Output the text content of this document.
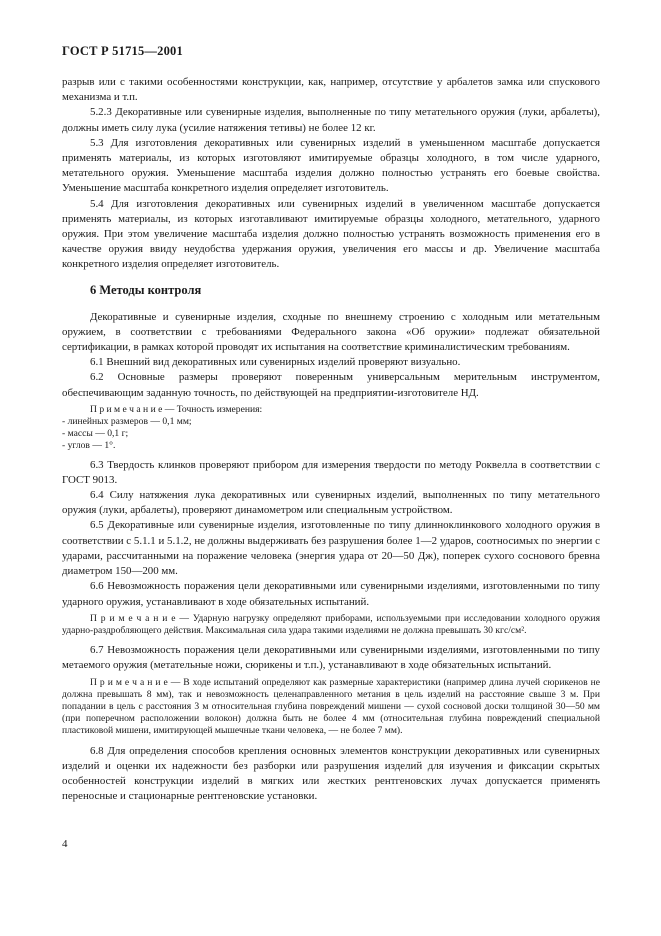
ГОСТ Р 51715—2001

разрыв или с такими особенностями конструкции, как, например, отсутствие у арбалетов замка или спускового механизма и т.п.

5.2.3 Декоративные или сувенирные изделия, выполненные по типу метательного оружия (луки, арбалеты), должны иметь силу лука (усилие натяжения тетивы) не более 12 кг.

5.3 Для изготовления декоративных или сувенирных изделий в уменьшенном масштабе допускается применять материалы, из которых изготовляют имитируемые образцы холодного, в том числе ударного, метательного оружия. Уменьшение масштаба изделия должно полностью устранять его боевые свойства. Уменьшение масштаба конкретного изделия определяет изготовитель.

5.4 Для изготовления декоративных или сувенирных изделий в увеличенном масштабе допускается применять материалы, из которых изготавливают имитируемые образцы холодного, метательного, ударного оружия. При этом увеличение масштаба изделия должно полностью устранять возможность применения его в качестве оружия ввиду неудобства удержания оружия, увеличения его массы и др. Увеличение масштаба конкретного изделия определяет изготовитель.

6 Методы контроля

Декоративные и сувенирные изделия, сходные по внешнему строению с холодным или метательным оружием, в соответствии с требованиями Федерального закона «Об оружии» подлежат обязательной сертификации, в рамках которой проводят их испытания на соответствие криминалистическим требованиям.

6.1 Внешний вид декоративных или сувенирных изделий проверяют визуально.

6.2 Основные размеры проверяют поверенным универсальным мерительным инструментом, обеспечивающим заданную точность, по действующей на предприятии-изготовителе НД.

П р и м е ч а н и е — Точность измерения:
- линейных размеров — 0,1 мм;
- массы — 0,1 г;
- углов — 1°.

6.3 Твердость клинков проверяют прибором для измерения твердости по методу Роквелла в соответствии с ГОСТ 9013.

6.4 Силу натяжения лука декоративных или сувенирных изделий, выполненных по типу метательного оружия (луки, арбалеты), проверяют динамометром или специальным устройством.

6.5 Декоративные или сувенирные изделия, изготовленные по типу длинноклинкового холодного оружия в соответствии с 5.1.1 и 5.1.2, не должны выдерживать без разрушения более 1—2 ударов, соотносимых по энергии с ударами, рассчитанными на поражение человека (энергия удара от 20—50 Дж), поперек сухого соснового бревна диаметром 150—200 мм.

6.6 Невозможность поражения цели декоративными или сувенирными изделиями, изготовленными по типу ударного оружия, устанавливают в ходе обязательных испытаний.

П р и м е ч а н и е — Ударную нагрузку определяют приборами, используемыми при исследовании холодного оружия ударно-раздробляющего действия. Максимальная сила удара такими изделиями не должна превышать 30 кгс/см².

6.7 Невозможность поражения цели декоративными или сувенирными изделиями, изготовленными по типу метаемого оружия (метательные ножи, сюрикены и т.п.), устанавливают в ходе обязательных испытаний.

П р и м е ч а н и е — В ходе испытаний определяют как размерные характеристики (например длина лучей сюрикенов не должна превышать 8 мм), так и невозможность целенаправленного метания в цель изделий на расстояние свыше 3 м. При попадании в цель с расстояния 3 м относительная глубина повреждений мишени — сухой сосновой доски толщиной 30—50 мм (при поперечном расположении волокон) должна быть не более 4 мм (относительная глубина повреждений специальной пластиковой мишени, имитирующей мышечные ткани человека, — не более 7 мм).

6.8 Для определения способов крепления основных элементов конструкции декоративных или сувенирных изделий и оценки их надежности без разборки или разрушения изделий для изучения и фиксации скрытых особенностей конструкции изделий в мягких или жестких рентгеновских лучах допускается применять переносные и стационарные рентгеновские установки.

4
